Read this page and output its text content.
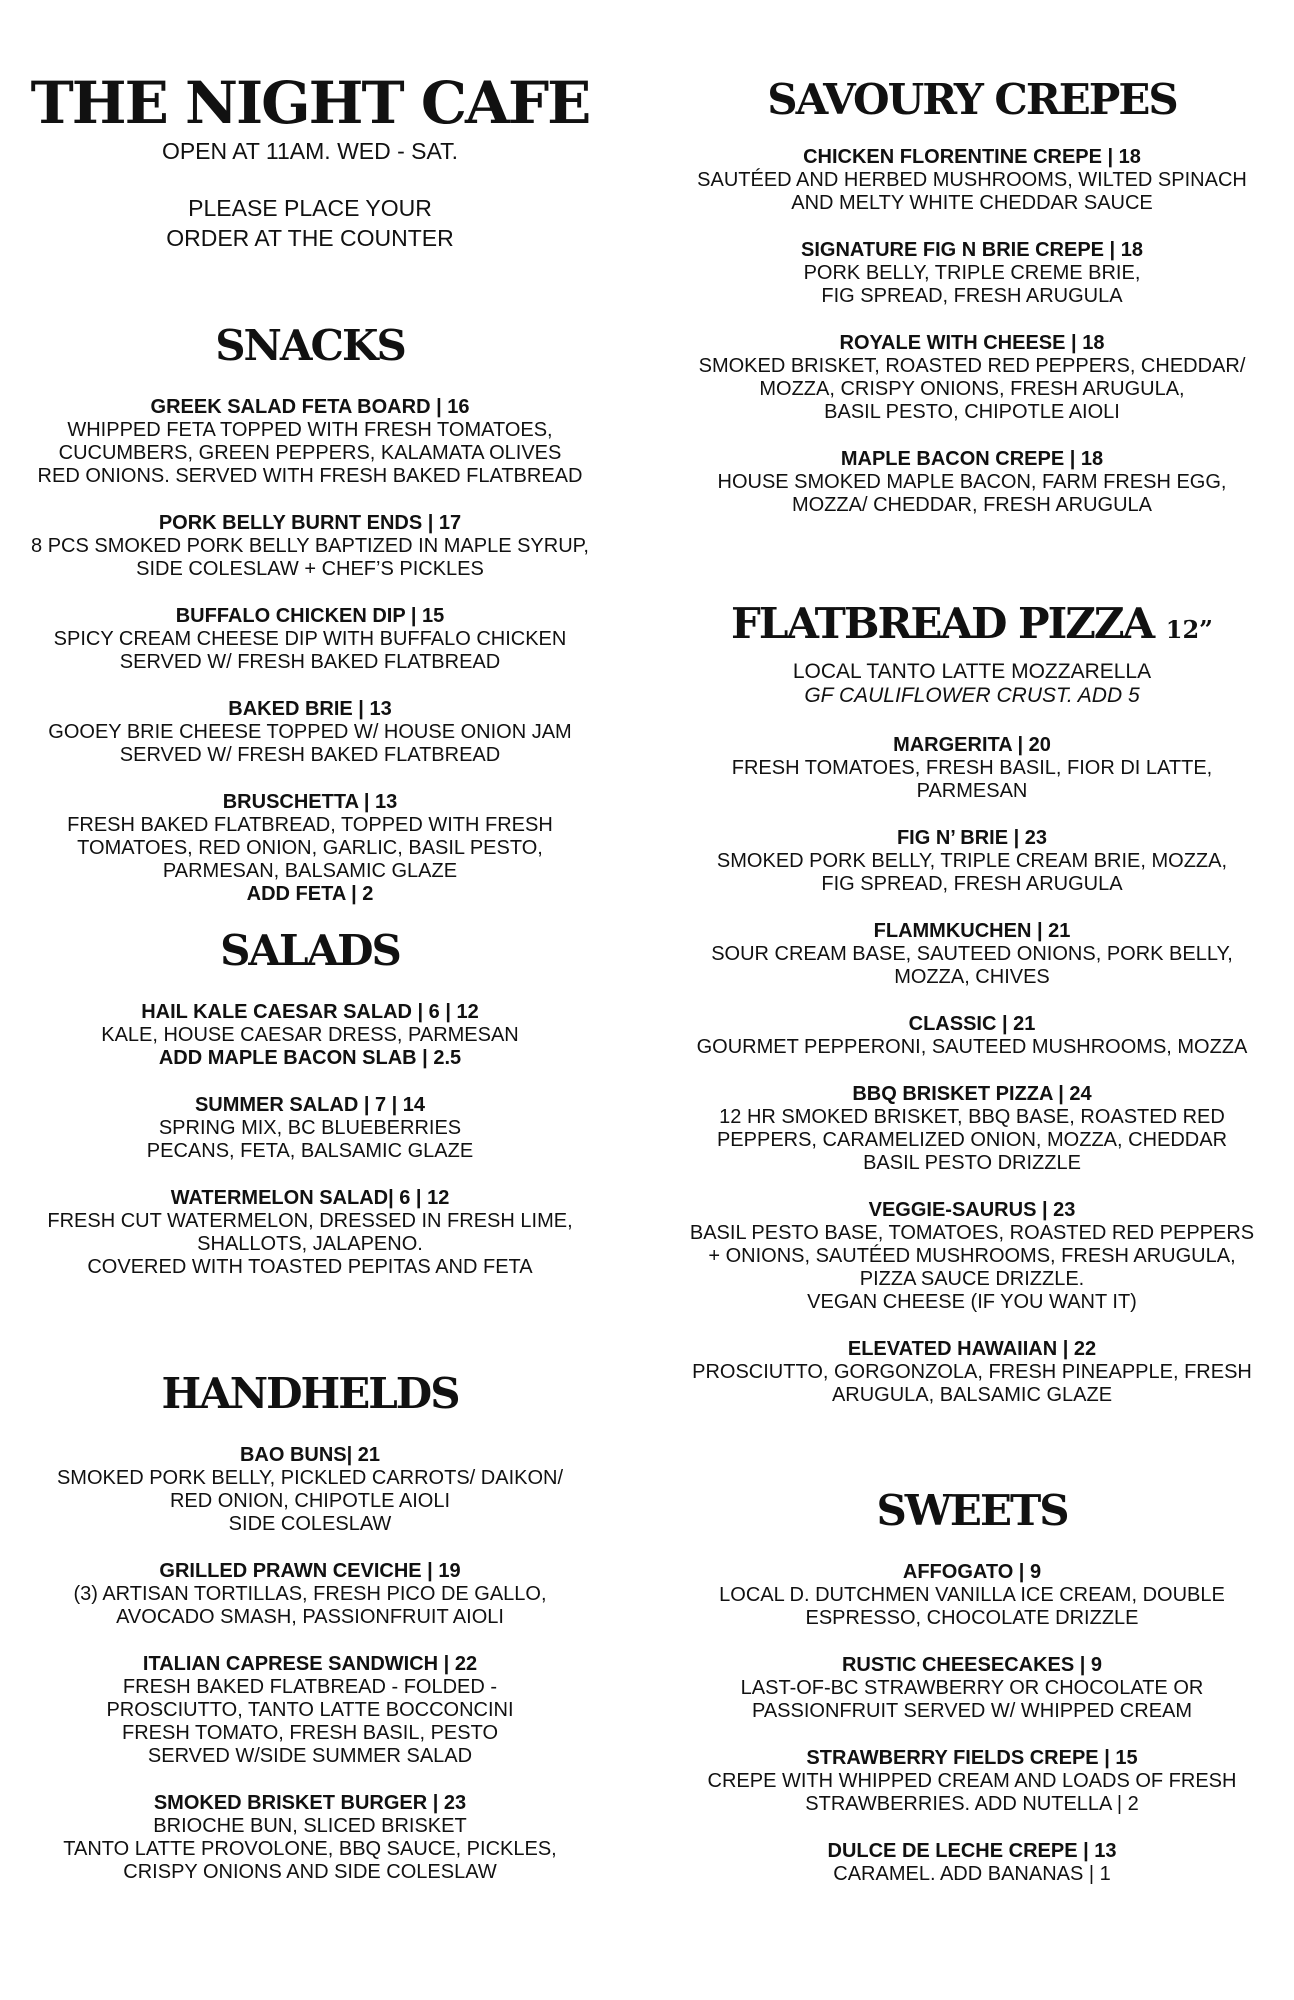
THE NIGHT CAFE
OPEN AT 11AM. WED - SAT.
PLEASE PLACE YOUR
ORDER AT THE COUNTER
SNACKS
GREEK SALAD FETA BOARD | 16
WHIPPED FETA TOPPED WITH FRESH TOMATOES,
CUCUMBERS, GREEN PEPPERS, KALAMATA OLIVES
RED ONIONS. SERVED WITH FRESH BAKED FLATBREAD
PORK BELLY BURNT ENDS | 17
8 PCS SMOKED PORK BELLY BAPTIZED IN MAPLE SYRUP,
SIDE COLESLAW + CHEF’S PICKLES
BUFFALO CHICKEN DIP | 15
SPICY CREAM CHEESE DIP WITH BUFFALO CHICKEN
SERVED W/ FRESH BAKED FLATBREAD
BAKED BRIE | 13
GOOEY BRIE CHEESE TOPPED W/ HOUSE ONION JAM
SERVED W/ FRESH BAKED FLATBREAD
BRUSCHETTA | 13
FRESH BAKED FLATBREAD, TOPPED WITH FRESH
TOMATOES, RED ONION, GARLIC, BASIL PESTO,
PARMESAN, BALSAMIC GLAZE
ADD FETA | 2
SALADS
HAIL KALE CAESAR SALAD | 6 | 12
KALE, HOUSE CAESAR DRESS, PARMESAN
ADD MAPLE BACON SLAB | 2.5
SUMMER SALAD | 7 | 14
SPRING MIX, BC BLUEBERRIES
PECANS, FETA, BALSAMIC GLAZE
WATERMELON SALAD| 6 | 12
FRESH CUT WATERMELON, DRESSED IN FRESH LIME,
SHALLOTS, JALAPENO.
COVERED WITH TOASTED PEPITAS AND FETA
HANDHELDS
BAO BUNS| 21
SMOKED PORK BELLY, PICKLED CARROTS/ DAIKON/
RED ONION, CHIPOTLE AIOLI
SIDE COLESLAW
GRILLED PRAWN CEVICHE | 19
(3) ARTISAN TORTILLAS, FRESH PICO DE GALLO,
AVOCADO SMASH, PASSIONFRUIT AIOLI
ITALIAN CAPRESE SANDWICH | 22
FRESH BAKED FLATBREAD - FOLDED -
PROSCIUTTO, TANTO LATTE BOCCONCINI
FRESH TOMATO, FRESH BASIL, PESTO
SERVED W/SIDE SUMMER SALAD
SMOKED BRISKET BURGER | 23
BRIOCHE BUN, SLICED BRISKET
TANTO LATTE PROVOLONE, BBQ SAUCE, PICKLES,
CRISPY ONIONS AND SIDE COLESLAW
SAVOURY CREPES
CHICKEN FLORENTINE CREPE | 18
SAUTÉED AND HERBED MUSHROOMS, WILTED SPINACH
AND MELTY WHITE CHEDDAR SAUCE
SIGNATURE FIG N BRIE CREPE | 18
PORK BELLY, TRIPLE CREME BRIE,
FIG SPREAD, FRESH ARUGULA
ROYALE WITH CHEESE | 18
SMOKED BRISKET, ROASTED RED PEPPERS, CHEDDAR/
MOZZA, CRISPY ONIONS, FRESH ARUGULA,
BASIL PESTO, CHIPOTLE AIOLI
MAPLE BACON CREPE | 18
HOUSE SMOKED MAPLE BACON, FARM FRESH EGG,
MOZZA/ CHEDDAR, FRESH ARUGULA
FLATBREAD PIZZA 12”
LOCAL TANTO LATTE MOZZARELLA
GF CAULIFLOWER CRUST. ADD 5
MARGERITA | 20
FRESH TOMATOES, FRESH BASIL, FIOR DI LATTE,
PARMESAN
FIG N’ BRIE | 23
SMOKED PORK BELLY, TRIPLE CREAM BRIE, MOZZA,
FIG SPREAD, FRESH ARUGULA
FLAMMKUCHEN | 21
SOUR CREAM BASE, SAUTEED ONIONS, PORK BELLY,
MOZZA, CHIVES
CLASSIC | 21
GOURMET PEPPERONI, SAUTEED MUSHROOMS, MOZZA
BBQ BRISKET PIZZA | 24
12 HR SMOKED BRISKET, BBQ BASE, ROASTED RED
PEPPERS, CARAMELIZED ONION, MOZZA, CHEDDAR
BASIL PESTO DRIZZLE
VEGGIE-SAURUS | 23
BASIL PESTO BASE, TOMATOES, ROASTED RED PEPPERS
+ ONIONS, SAUTÉED MUSHROOMS, FRESH ARUGULA,
PIZZA SAUCE DRIZZLE.
VEGAN CHEESE (IF YOU WANT IT)
ELEVATED HAWAIIAN | 22
PROSCIUTTO, GORGONZOLA, FRESH PINEAPPLE, FRESH
ARUGULA, BALSAMIC GLAZE
SWEETS
AFFOGATO | 9
LOCAL D. DUTCHMEN VANILLA ICE CREAM, DOUBLE
ESPRESSO, CHOCOLATE DRIZZLE
RUSTIC CHEESECAKES | 9
LAST-OF-BC STRAWBERRY OR CHOCOLATE OR
PASSIONFRUIT SERVED W/ WHIPPED CREAM
STRAWBERRY FIELDS CREPE | 15
CREPE WITH WHIPPED CREAM AND LOADS OF FRESH
STRAWBERRIES. ADD NUTELLA | 2
DULCE DE LECHE CREPE | 13
CARAMEL. ADD BANANAS | 1
